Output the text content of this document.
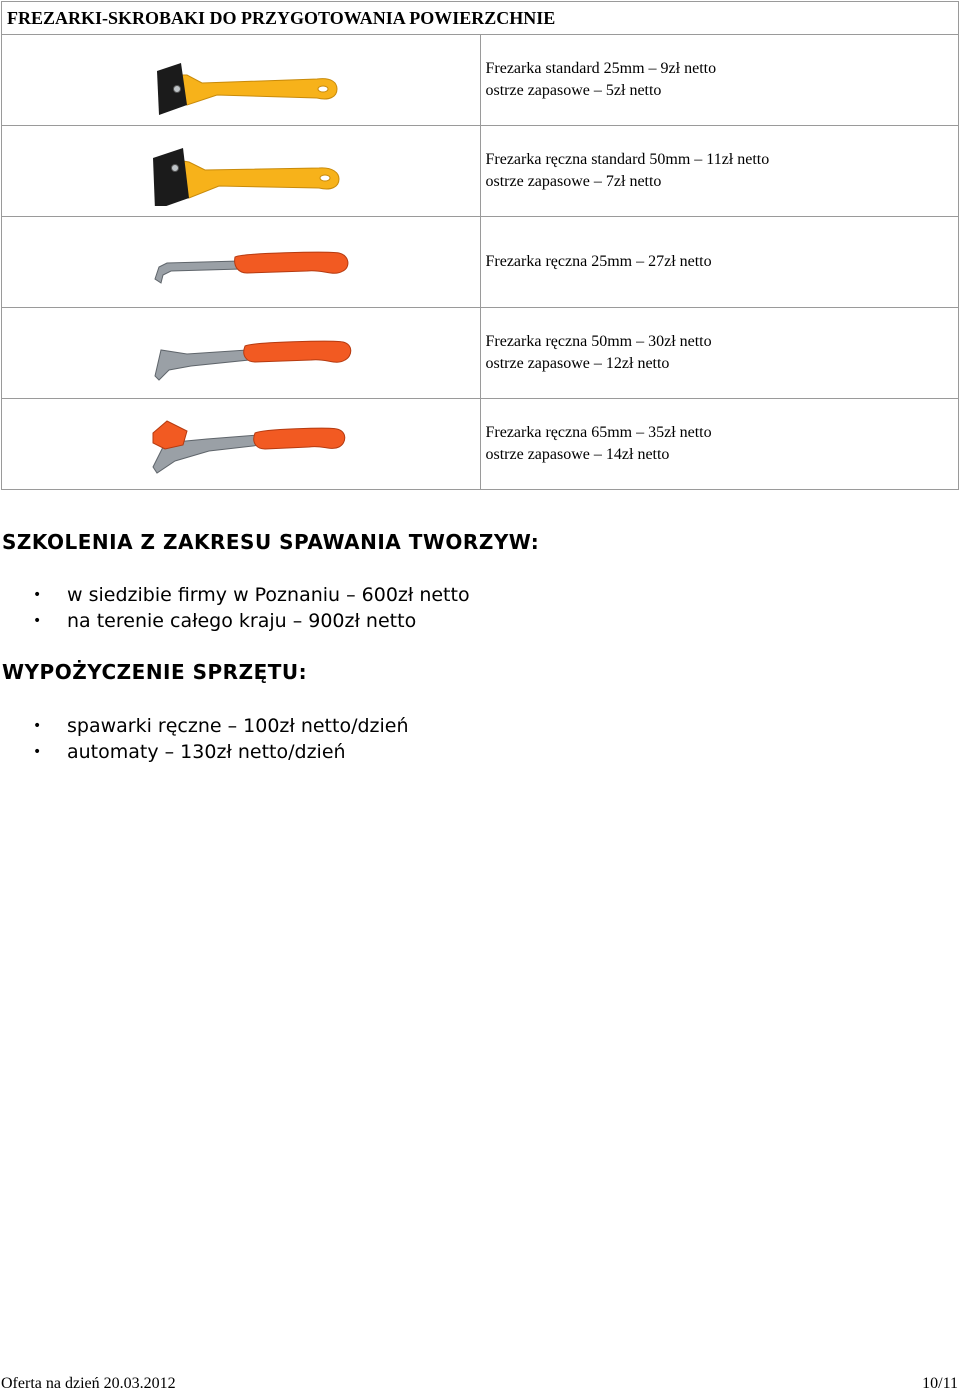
FREZARKI-SKROBAKI DO PRZYGOTOWANIA POWIERZCHNIE	

Frezarka standard 25mm – 9zł netto
ostrze zapasowe – 5zł netto

Frezarka ręczna standard 50mm – 11zł netto
ostrze zapasowe – 7zł netto

Frezarka ręczna 25mm – 27zł netto

Frezarka ręczna 50mm – 30zł netto
ostrze zapasowe – 12zł netto

Frezarka ręczna 65mm – 35zł netto
ostrze zapasowe – 14zł netto
SZKOLENIA Z ZAKRESU SPAWANIA TWORZYW:
• w siedzibie firmy w Poznaniu – 600zł netto
• na terenie całego kraju – 900zł netto
WYPOŻYCZENIE SPRZĘTU:
• spawarki ręczne – 100zł netto/dzień
• automaty – 130zł netto/dzień
Oferta na dzień 20.03.2012	10/11
